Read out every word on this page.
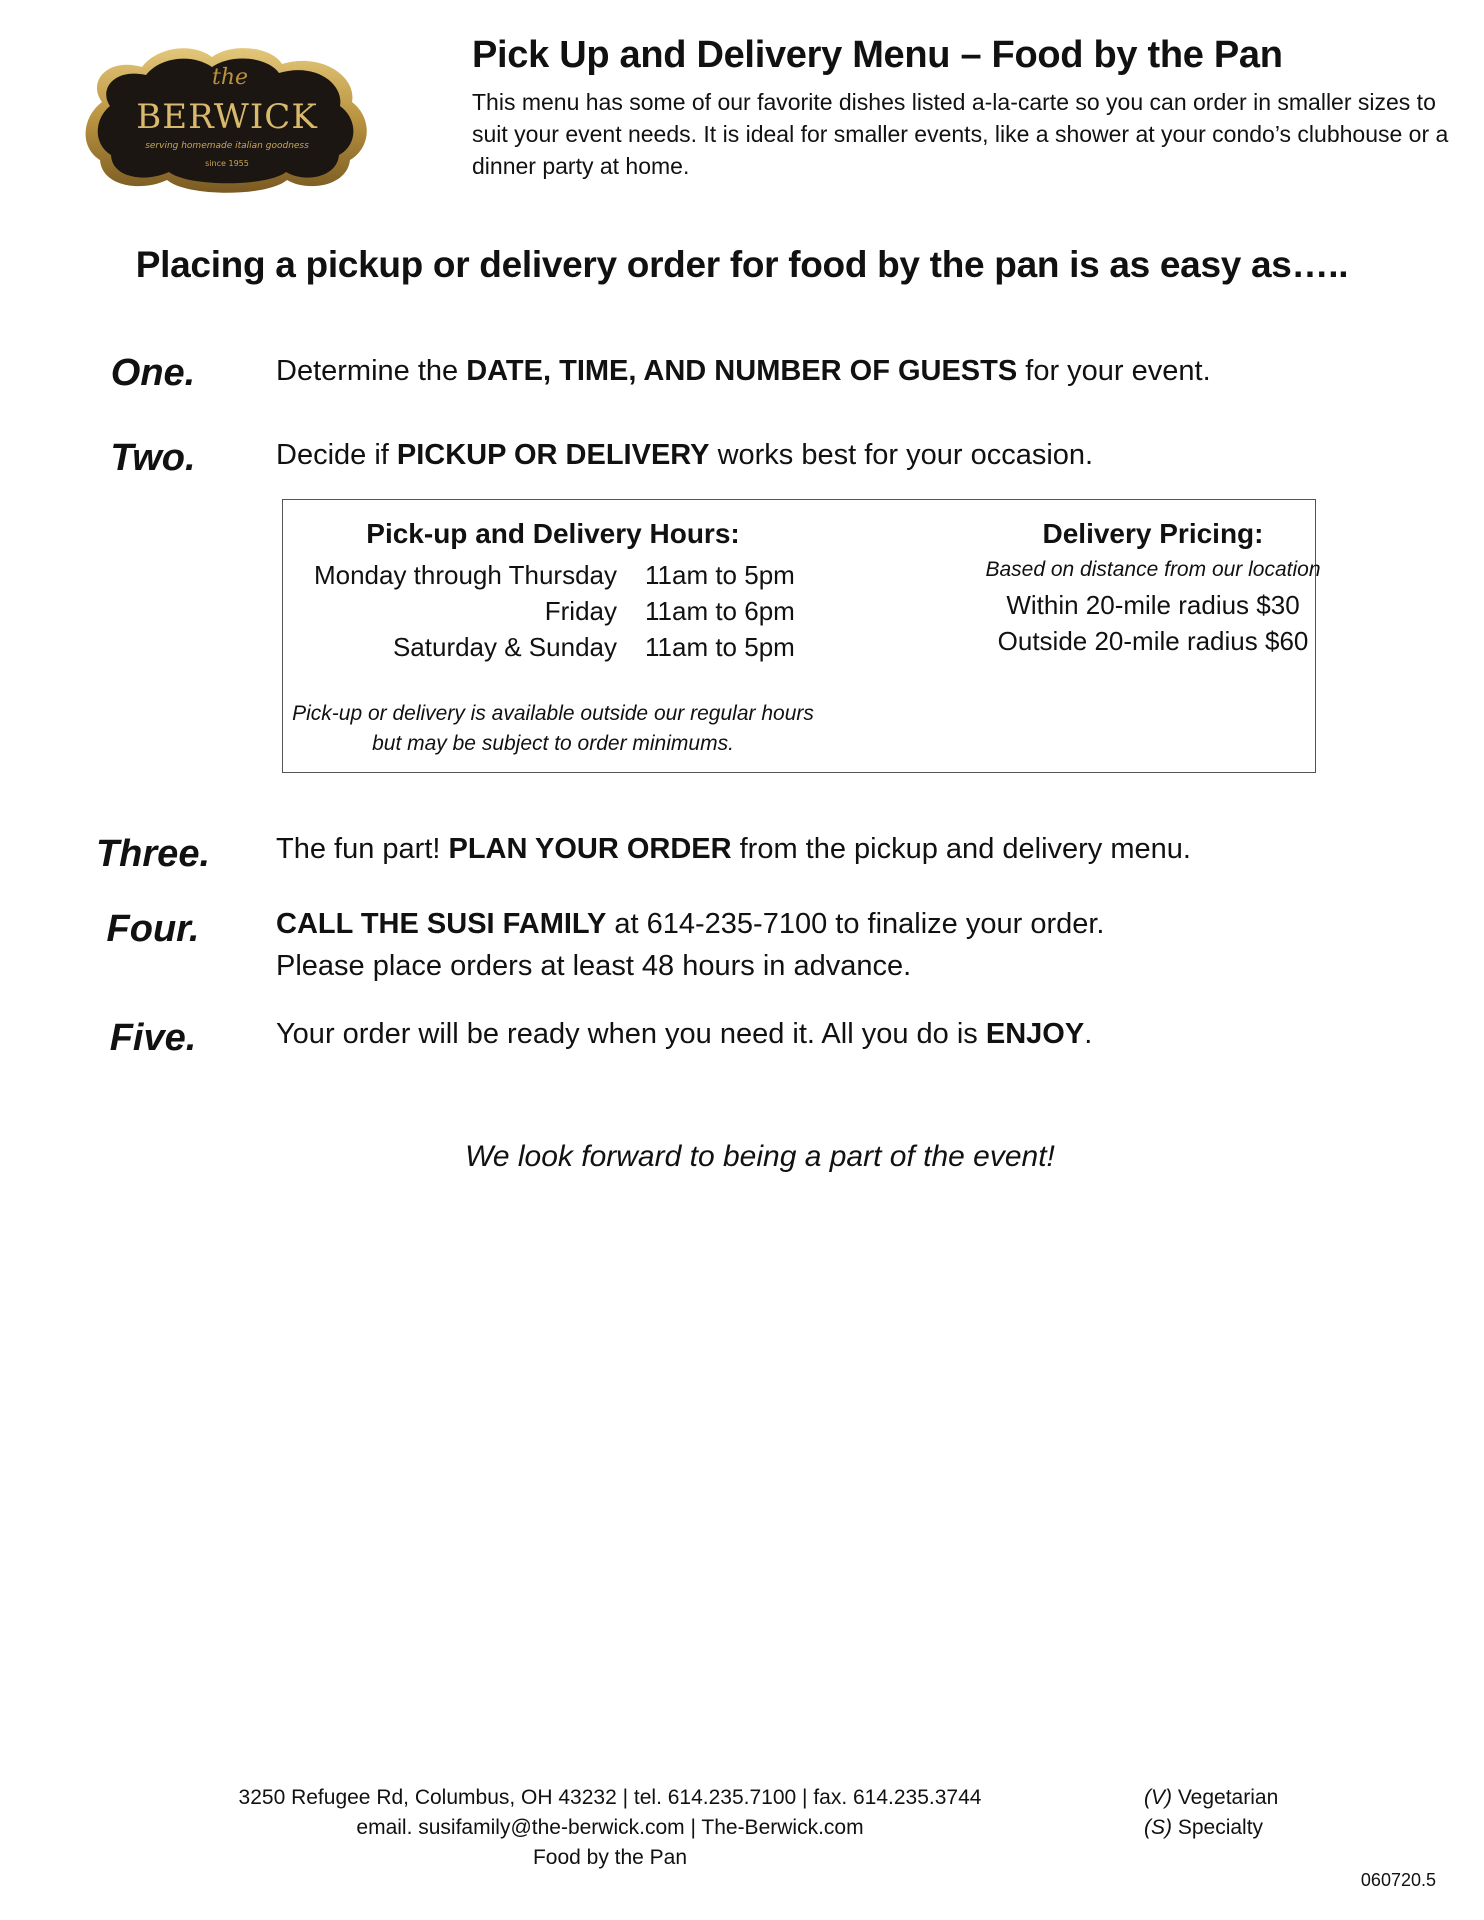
the
BERWICK
serving homemade italian goodness
since 1955
Pick Up and Delivery Menu – Food by the Pan
This menu has some of our favorite dishes listed a-la-carte so you can order in smaller sizes to suit your event needs. It is ideal for smaller events, like a shower at your condo’s clubhouse or a dinner party at home.
Placing a pickup or delivery order for food by the pan is as easy as…..
One.	Determine the DATE, TIME, AND NUMBER OF GUESTS for your event.
Two.	Decide if PICKUP OR DELIVERY works best for your occasion.
Pick-up and Delivery Hours:
Monday through Thursday 11am to 5pm
Friday 11am to 6pm
Saturday & Sunday 11am to 5pm
Pick-up or delivery is available outside our regular hours
but may be subject to order minimums.
Delivery Pricing:
Based on distance from our location
Within 20-mile radius $30
Outside 20-mile radius $60
Three.	The fun part! PLAN YOUR ORDER from the pickup and delivery menu.
Four.	CALL THE SUSI FAMILY at 614-235-7100 to finalize your order.
Please place orders at least 48 hours in advance.
Five.	Your order will be ready when you need it. All you do is ENJOY.
We look forward to being a part of the event!
3250 Refugee Rd, Columbus, OH 43232 | tel. 614.235.7100 | fax. 614.235.3744
email. susifamily@the-berwick.com | The-Berwick.com
Food by the Pan
(V) Vegetarian
(S) Specialty
060720.5
